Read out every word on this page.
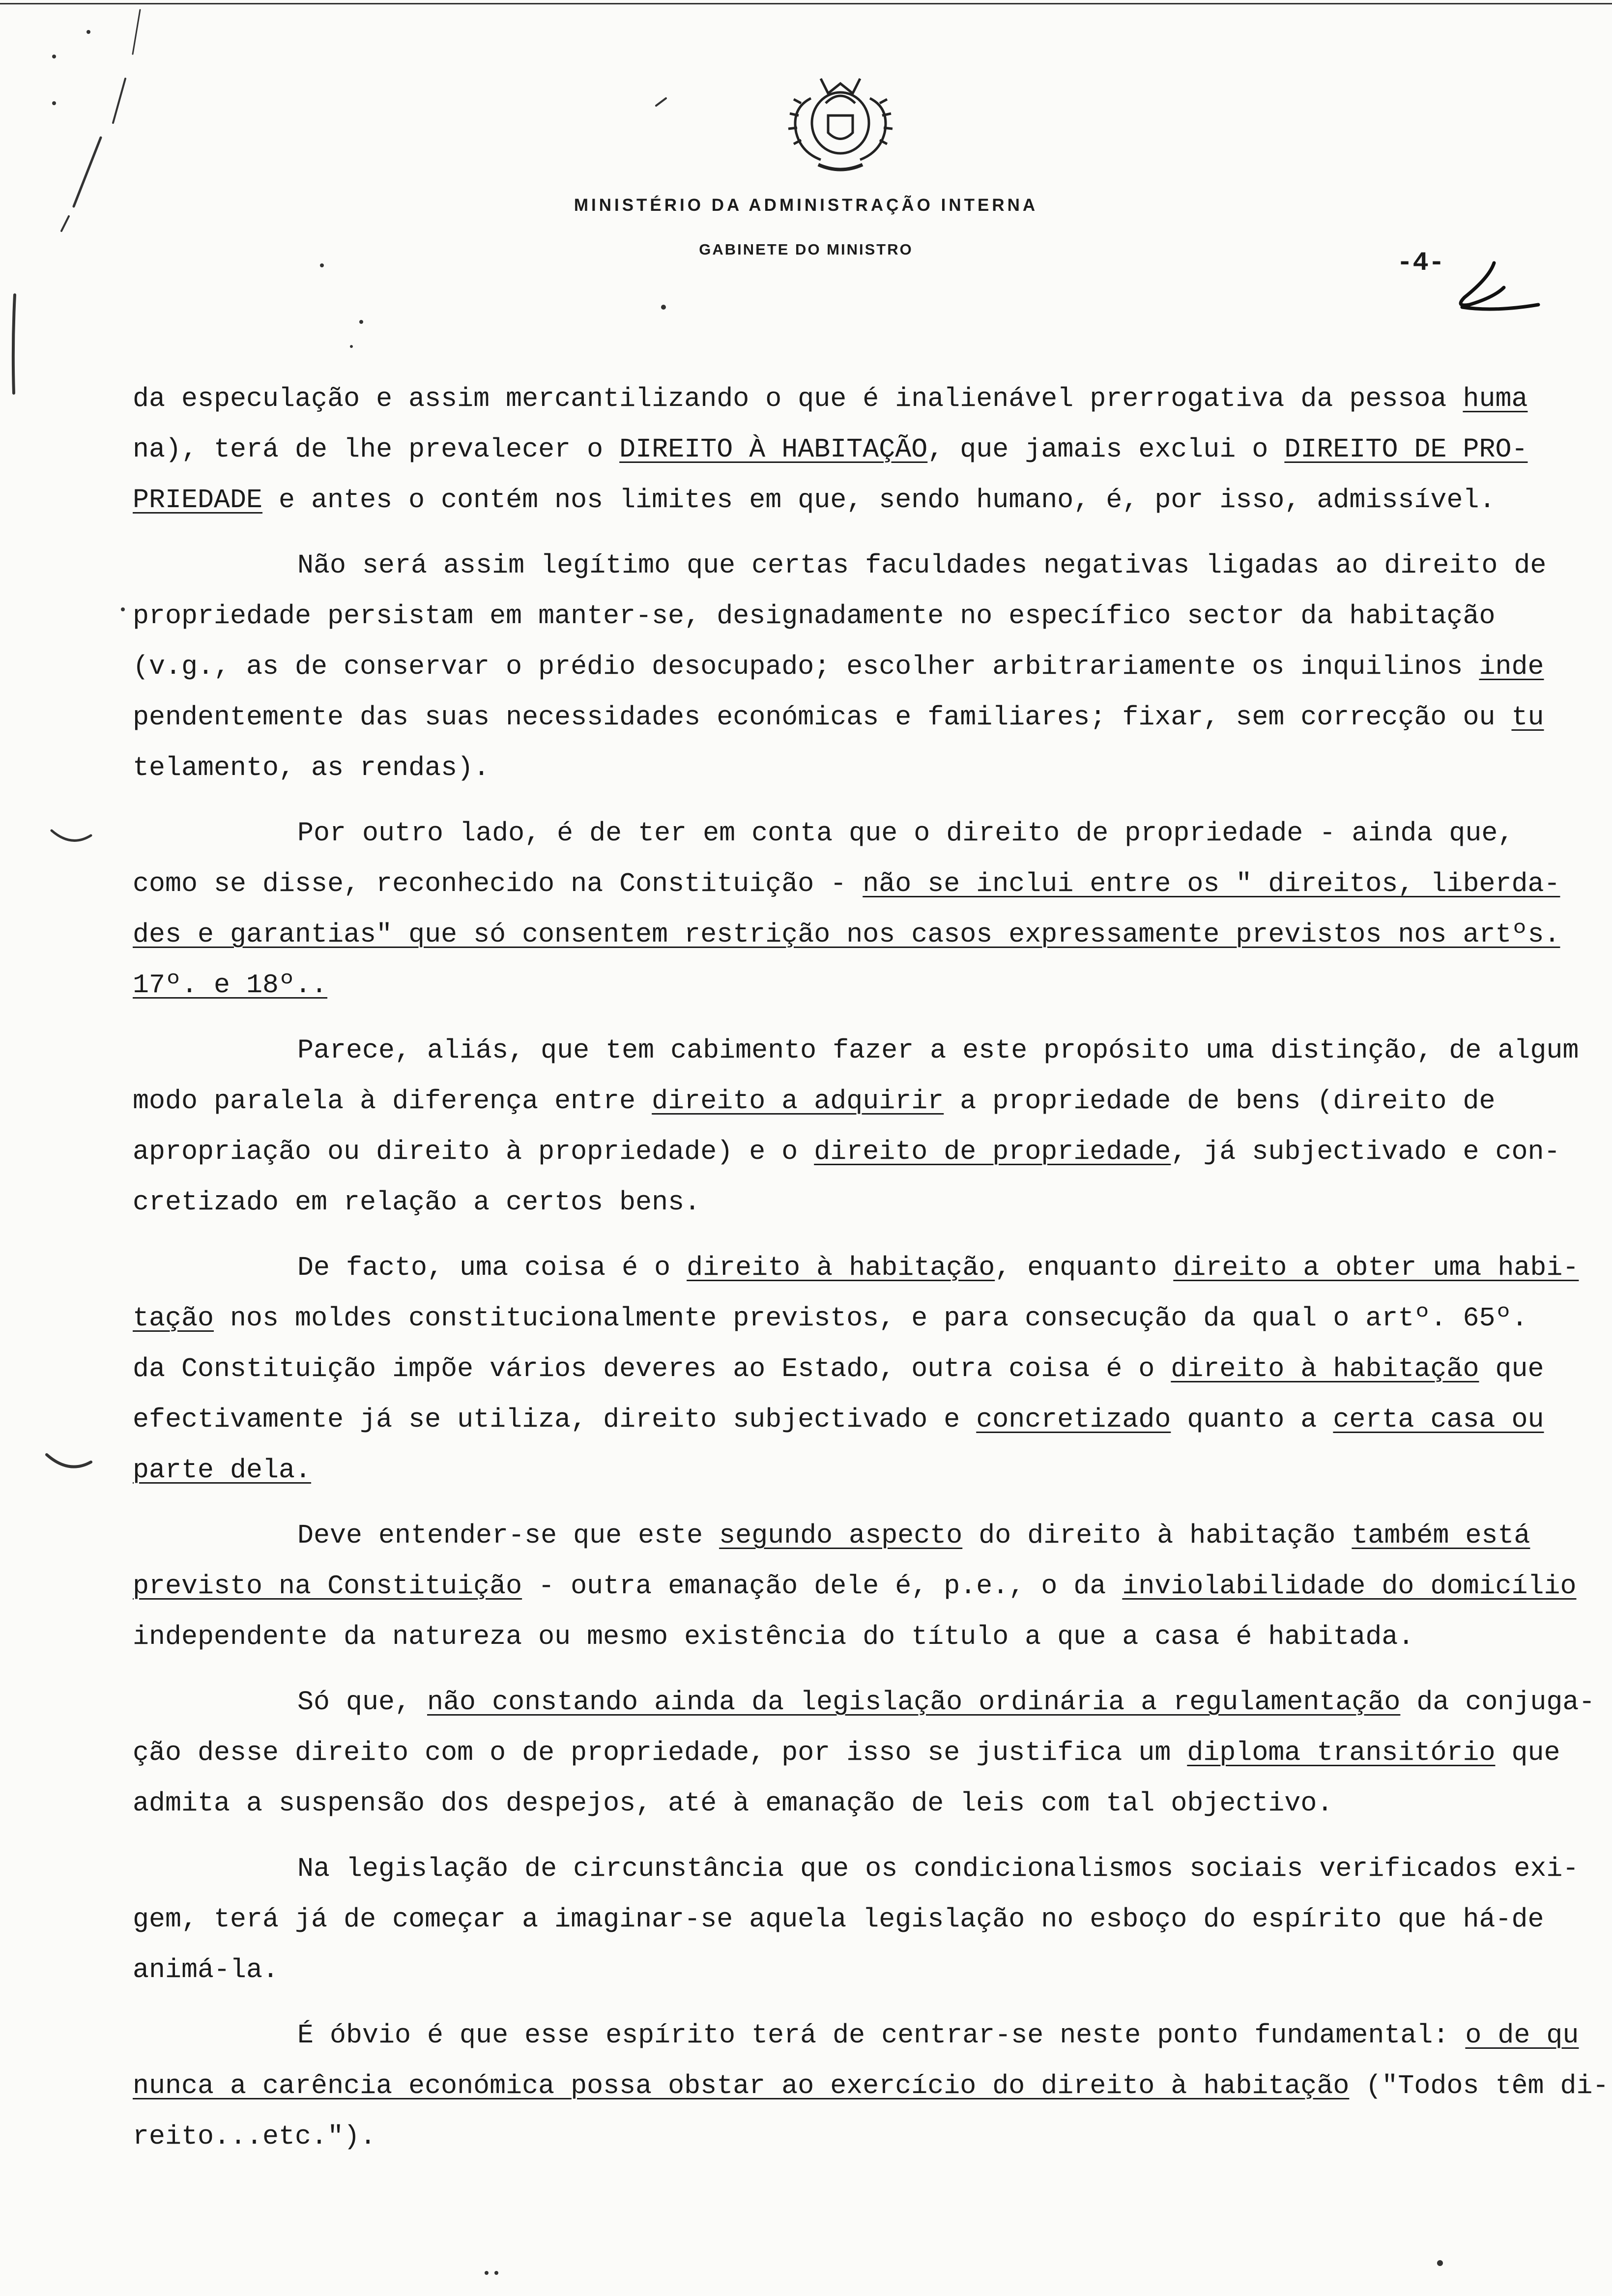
MINISTÉRIO DA ADMINISTRAÇÃO INTERNA
GABINETE DO MINISTRO	-4-
da especulação e assim mercantilizando o que é inalienável prerrogativa da pessoa huma
na), terá de lhe prevalecer o DIREITO À HABITAÇÃO, que jamais exclui o DIREITO DE PRO-
PRIEDADE e antes o contém nos limites em que, sendo humano, é, por isso, admissível.
Não será assim legítimo que certas faculdades negativas ligadas ao direito de
propriedade persistam em manter-se, designadamente no específico sector da habitação
(v.g., as de conservar o prédio desocupado; escolher arbitrariamente os inquilinos inde
pendentemente das suas necessidades económicas e familiares; fixar, sem correcção ou tu
telamento, as rendas).
Por outro lado, é de ter em conta que o direito de propriedade - ainda que,
como se disse, reconhecido na Constituição - não se inclui entre os " direitos, liberda-
des e garantias" que só consentem restrição nos casos expressamente previstos nos artºs.
17º. e 18º..
Parece, aliás, que tem cabimento fazer a este propósito uma distinção, de algum
modo paralela à diferença entre direito a adquirir a propriedade de bens (direito de
apropriação ou direito à propriedade) e o direito de propriedade, já subjectivado e con-
cretizado em relação a certos bens.
De facto, uma coisa é o direito à habitação, enquanto direito a obter uma habi-
tação nos moldes constitucionalmente previstos, e para consecução da qual o artº. 65º.
da Constituição impõe vários deveres ao Estado, outra coisa é o direito à habitação que
efectivamente já se utiliza, direito subjectivado e concretizado quanto a certa casa ou
parte dela.
Deve entender-se que este segundo aspecto do direito à habitação também está
previsto na Constituição - outra emanação dele é, p.e., o da inviolabilidade do domicílio
independente da natureza ou mesmo existência do título a que a casa é habitada.
Só que, não constando ainda da legislação ordinária a regulamentação da conjuga-
ção desse direito com o de propriedade, por isso se justifica um diploma transitório que
admita a suspensão dos despejos, até à emanação de leis com tal objectivo.
Na legislação de circunstância que os condicionalismos sociais verificados exi-
gem, terá já de começar a imaginar-se aquela legislação no esboço do espírito que há-de
animá-la.
É óbvio é que esse espírito terá de centrar-se neste ponto fundamental: o de qu
nunca a carência económica possa obstar ao exercício do direito à habitação ("Todos têm di-
reito...etc.").
